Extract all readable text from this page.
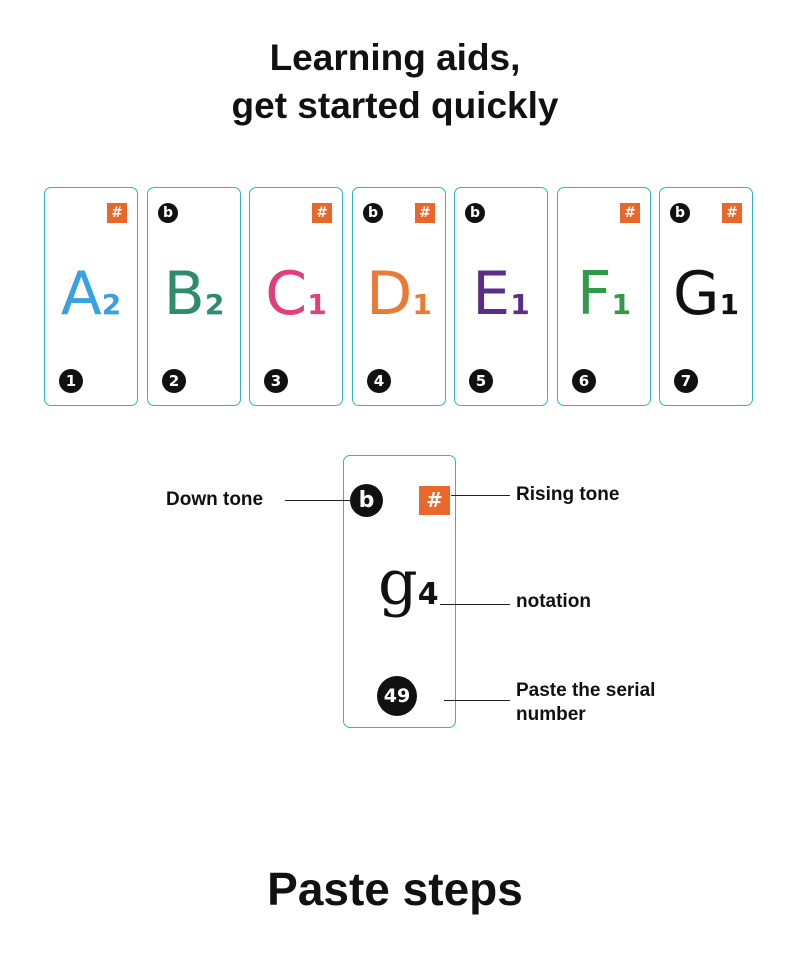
Learning aids,
get started quickly
#
A2
1
b
B2
2
#
C1
3
b	#
D1
4
b
E1
5
#
F1
6
b	#
G1
7
b	#
g4
49
Down tone	Rising tone
notation
Paste the serial
number
Paste steps
